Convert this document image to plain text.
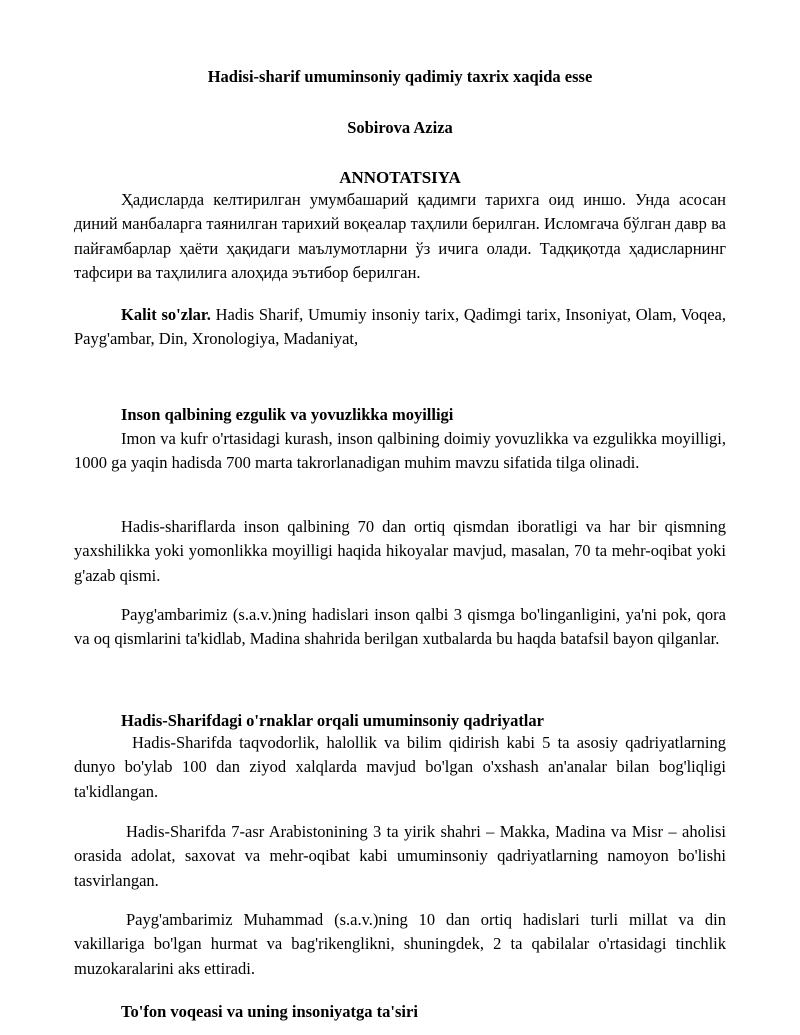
Hadisi-sharif umuminsoniy qadimiy taxrix xaqida esse
Sobirova Aziza
ANNOTATSIYA

Ҳадисларда келтирилган умумбашарий қадимги тарихга оид иншо. Унда асосан диний манбаларга таянилган тарихий воқеалар таҳлили берилган. Исломгача бўлган давр ва пайғамбарлар ҳаёти ҳақидаги маълумотларни ўз ичига олади. Тадқиқотда ҳадисларнинг тафсири ва таҳлилига алоҳида эътибор берилган.

Kalit so'zlar. Hadis Sharif, Umumiy insoniy tarix, Qadimgi tarix, Insoniyat, Olam, Voqea, Payg'ambar, Din, Xronologiya, Madaniyat,

Inson qalbining ezgulik va yovuzlikka moyilligi

Imon va kufr o'rtasidagi kurash, inson qalbining doimiy yovuzlikka va ezgulikka moyilligi, 1000 ga yaqin hadisda 700 marta takrorlanadigan muhim mavzu sifatida tilga olinadi.

Hadis-shariflarda inson qalbining 70 dan ortiq qismdan iboratligi va har bir qismning yaxshilikka yoki yomonlikka moyilligi haqida hikoyalar mavjud, masalan, 70 ta mehr-oqibat yoki g'azab qismi.

Payg'ambarimiz (s.a.v.)ning hadislari inson qalbi 3 qismga bo'linganligini, ya'ni pok, qora va oq qismlarini ta'kidlab, Madina shahrida berilgan xutbalarda bu haqda batafsil bayon qilganlar.

Hadis-Sharifdagi o'rnaklar orqali umuminsoniy qadriyatlar

Hadis-Sharifda taqvodorlik, halollik va bilim qidirish kabi 5 ta asosiy qadriyatlarning dunyo bo'ylab 100 dan ziyod xalqlarda mavjud bo'lgan o'xshash an'analar bilan bog'liqligi ta'kidlangan.

Hadis-Sharifda 7-asr Arabistonining 3 ta yirik shahri – Makka, Madina va Misr – aholisi orasida adolat, saxovat va mehr-oqibat kabi umuminsoniy qadriyatlarning namoyon bo'lishi tasvirlangan.

Payg'ambarimiz Muhammad (s.a.v.)ning 10 dan ortiq hadislari turli millat va din vakillariga bo'lgan hurmat va bag'rikenglikni, shuningdek, 2 ta qabilalar o'rtasidagi tinchlik muzokaralarini aks ettiradi.

To'fon voqeasi va uning insoniyatga ta'siri
